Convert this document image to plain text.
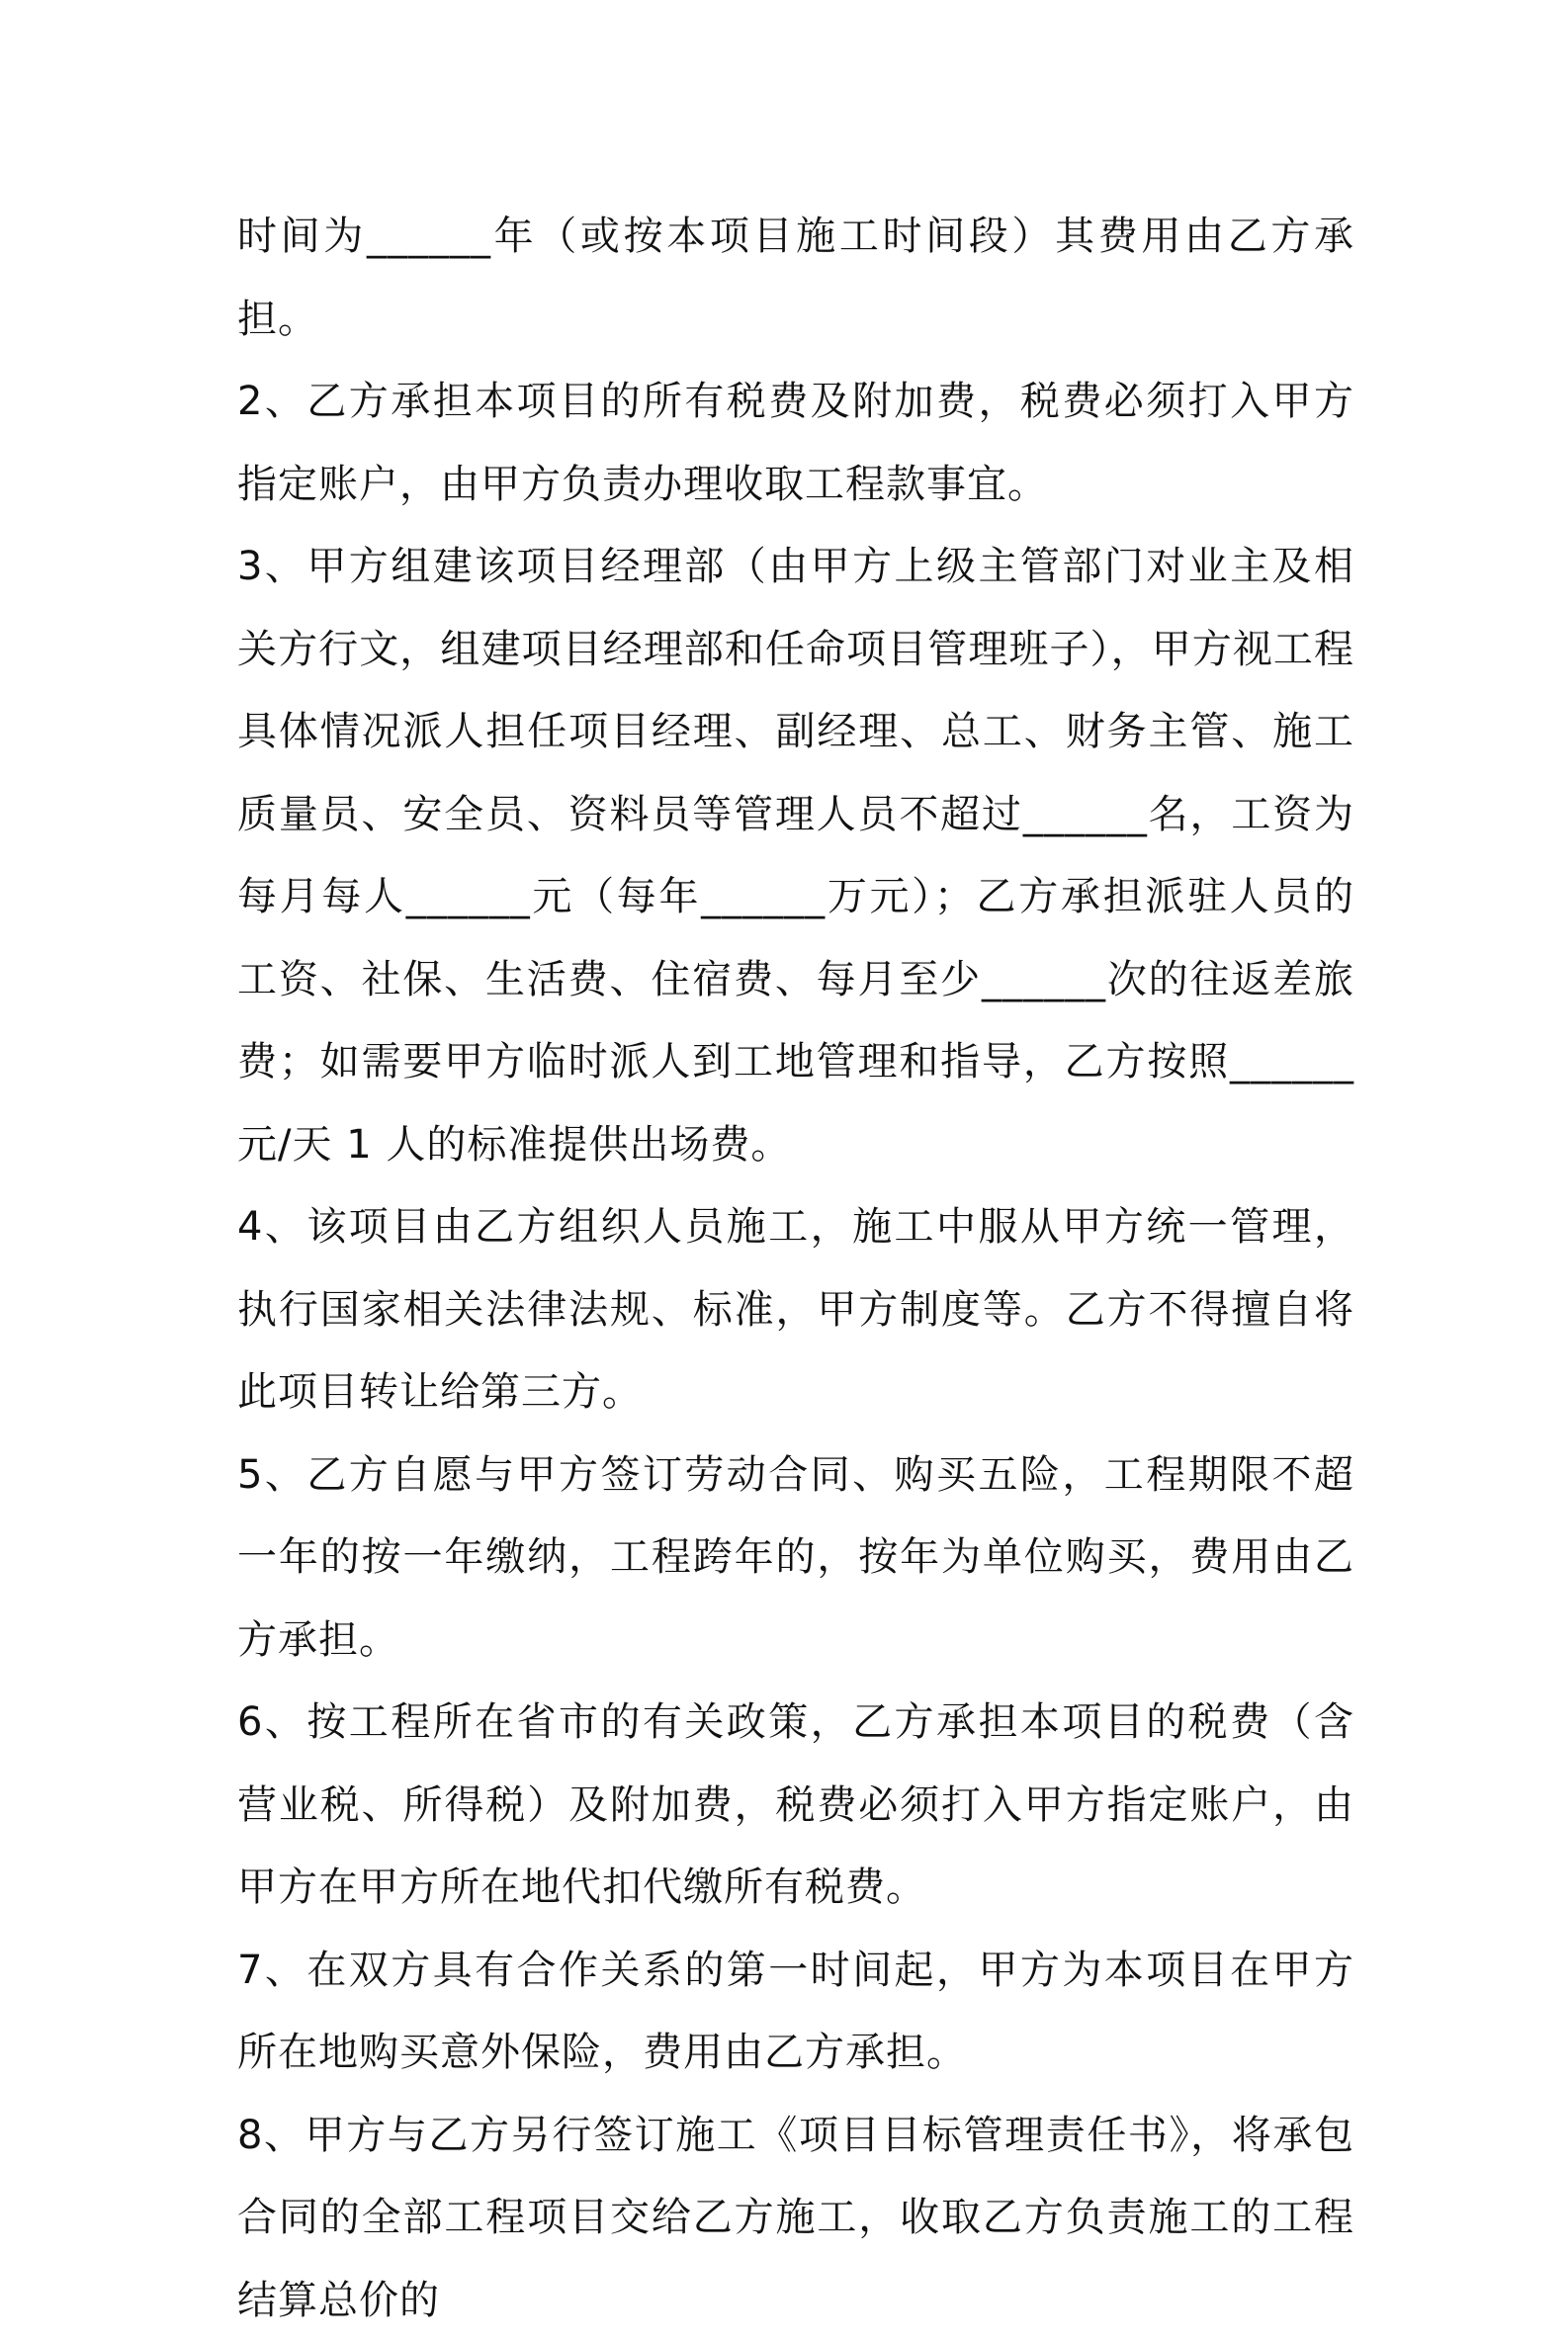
时间为______年（或按本项目施工时间段）其费用由乙方承担。

2、乙方承担本项目的所有税费及附加费，税费必须打入甲方指定账户，由甲方负责办理收取工程款事宜。

3、甲方组建该项目经理部（由甲方上级主管部门对业主及相关方行文，组建项目经理部和任命项目管理班子），甲方视工程具体情况派人担任项目经理、副经理、总工、财务主管、施工质量员、安全员、资料员等管理人员不超过______名，工资为每月每人______元（每年______万元）；乙方承担派驻人员的工资、社保、生活费、住宿费、每月至少______次的往返差旅费；如需要甲方临时派人到工地管理和指导，乙方按照______元/天 1 人的标准提供出场费。

4、该项目由乙方组织人员施工，施工中服从甲方统一管理，执行国家相关法律法规、标准，甲方制度等。乙方不得擅自将此项目转让给第三方。

5、乙方自愿与甲方签订劳动合同、购买五险，工程期限不超一年的按一年缴纳，工程跨年的，按年为单位购买，费用由乙方承担。

6、按工程所在省市的有关政策，乙方承担本项目的税费（含营业税、所得税）及附加费，税费必须打入甲方指定账户，由甲方在甲方所在地代扣代缴所有税费。

7、在双方具有合作关系的第一时间起，甲方为本项目在甲方所在地购买意外保险，费用由乙方承担。

8、甲方与乙方另行签订施工《项目目标管理责任书》，将承包合同的全部工程项目交给乙方施工，收取乙方负责施工的工程结算总价的
